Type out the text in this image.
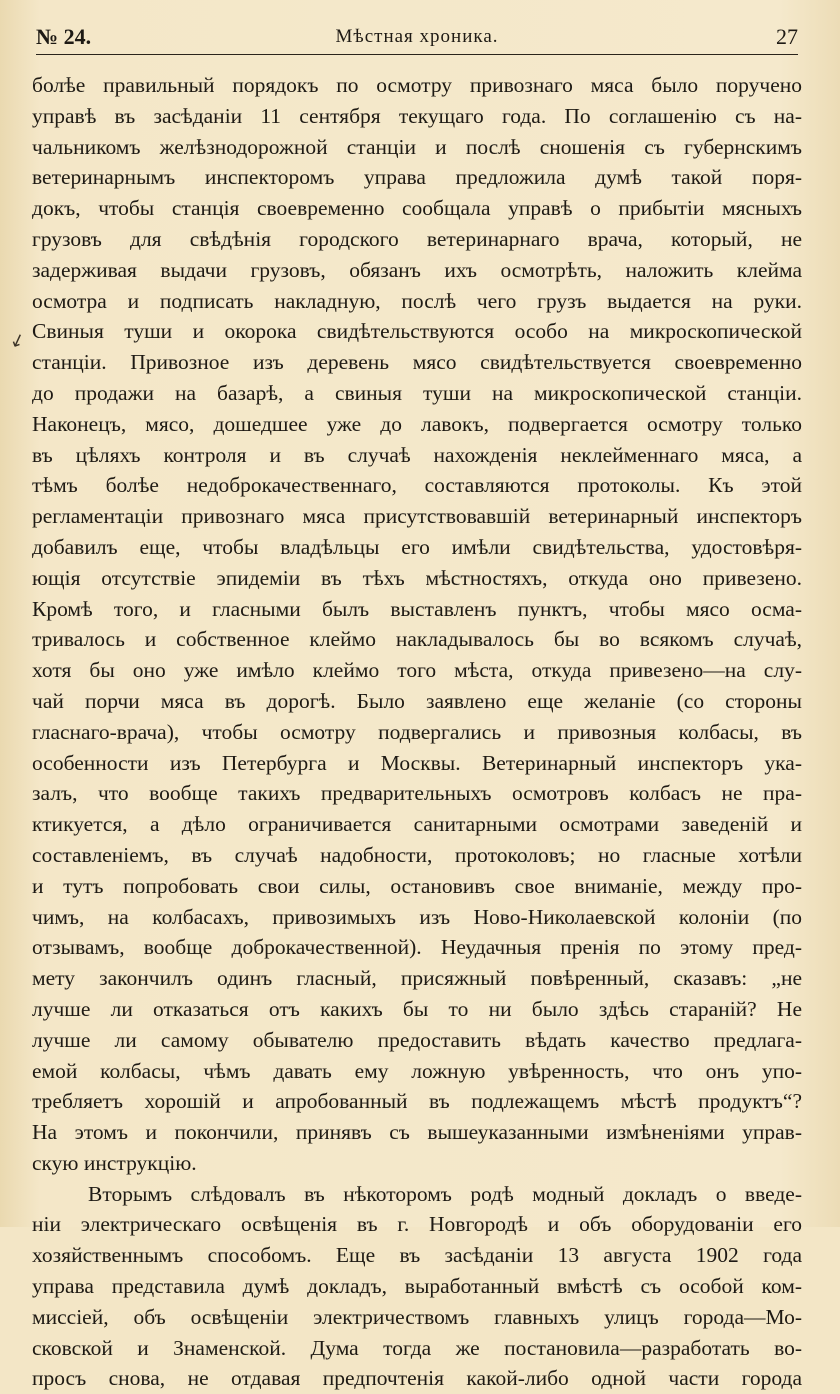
№ 24.	Мѣстная хроника.	27
↙
болѣе правильный порядокъ по осмотру привознаго мяса было поручено
управѣ въ засѣданіи 11 сентября текущаго года. По соглашенію съ на-
чальникомъ желѣзнодорожной станціи и послѣ сношенія съ губернскимъ
ветеринарнымъ инспекторомъ управа предложила думѣ такой поря-
докъ, чтобы станція своевременно сообщала управѣ о прибытіи мясныхъ
грузовъ для свѣдѣнія городского ветеринарнаго врача, который, не
задерживая выдачи грузовъ, обязанъ ихъ осмотрѣть, наложить клейма
осмотра и подписать накладную, послѣ чего грузъ выдается на руки.
Свиныя туши и окорока свидѣтельствуются особо на микроскопической
станціи. Привозное изъ деревень мясо свидѣтельствуется своевременно
до продажи на базарѣ, а свиныя туши на микроскопической станціи.
Наконецъ, мясо, дошедшее уже до лавокъ, подвергается осмотру только
въ цѣляхъ контроля и въ случаѣ нахожденія неклейменнаго мяса, а
тѣмъ болѣе недоброкачественнаго, составляются протоколы. Къ этой
регламентаціи привознаго мяса присутствовавшій ветеринарный инспекторъ
добавилъ еще, чтобы владѣльцы его имѣли свидѣтельства, удостовѣря-
ющія отсутствіе эпидеміи въ тѣхъ мѣстностяхъ, откуда оно привезено.
Кромѣ того, и гласными былъ выставленъ пунктъ, чтобы мясо осма-
тривалось и собственное клеймо накладывалось бы во всякомъ случаѣ,
хотя бы оно уже имѣло клеймо того мѣста, откуда привезено—на слу-
чай порчи мяса въ дорогѣ. Было заявлено еще желаніе (со стороны
гласнаго-врача), чтобы осмотру подвергались и привозныя колбасы, въ
особенности изъ Петербурга и Москвы. Ветеринарный инспекторъ ука-
залъ, что вообще такихъ предварительныхъ осмотровъ колбасъ не пра-
ктикуется, а дѣло ограничивается санитарными осмотрами заведеній и
составленіемъ, въ случаѣ надобности, протоколовъ; но гласные хотѣли
и тутъ попробовать свои силы, остановивъ свое вниманіе, между про-
чимъ, на колбасахъ, привозимыхъ изъ Ново-Николаевской колоніи (по
отзывамъ, вообще доброкачественной). Неудачныя пренія по этому пред-
мету закончилъ одинъ гласный, присяжный повѣренный, сказавъ: „не
лучше ли отказаться отъ какихъ бы то ни было здѣсь стараній? Не
лучше ли самому обывателю предоставить вѣдать качество предлага-
емой колбасы, чѣмъ давать ему ложную увѣренность, что онъ упо-
требляетъ хорошій и апробованный въ подлежащемъ мѣстѣ продуктъ“?
На этомъ и покончили, принявъ съ вышеуказанными измѣненіями управ-
скую инструкцію.
Вторымъ слѣдовалъ въ нѣкоторомъ родѣ модный докладъ о введе-
ніи электрическаго освѣщенія въ г. Новгородѣ и объ оборудованіи его
хозяйственнымъ способомъ. Еще въ засѣданіи 13 августа 1902 года
управа представила думѣ докладъ, выработанный вмѣстѣ съ особой ком-
миссіей, объ освѣщеніи электричествомъ главныхъ улицъ города—Мо-
сковской и Знаменской. Дума тогда же постановила—разработать во-
просъ снова, не отдавая предпочтенія какой-либо одной части города
